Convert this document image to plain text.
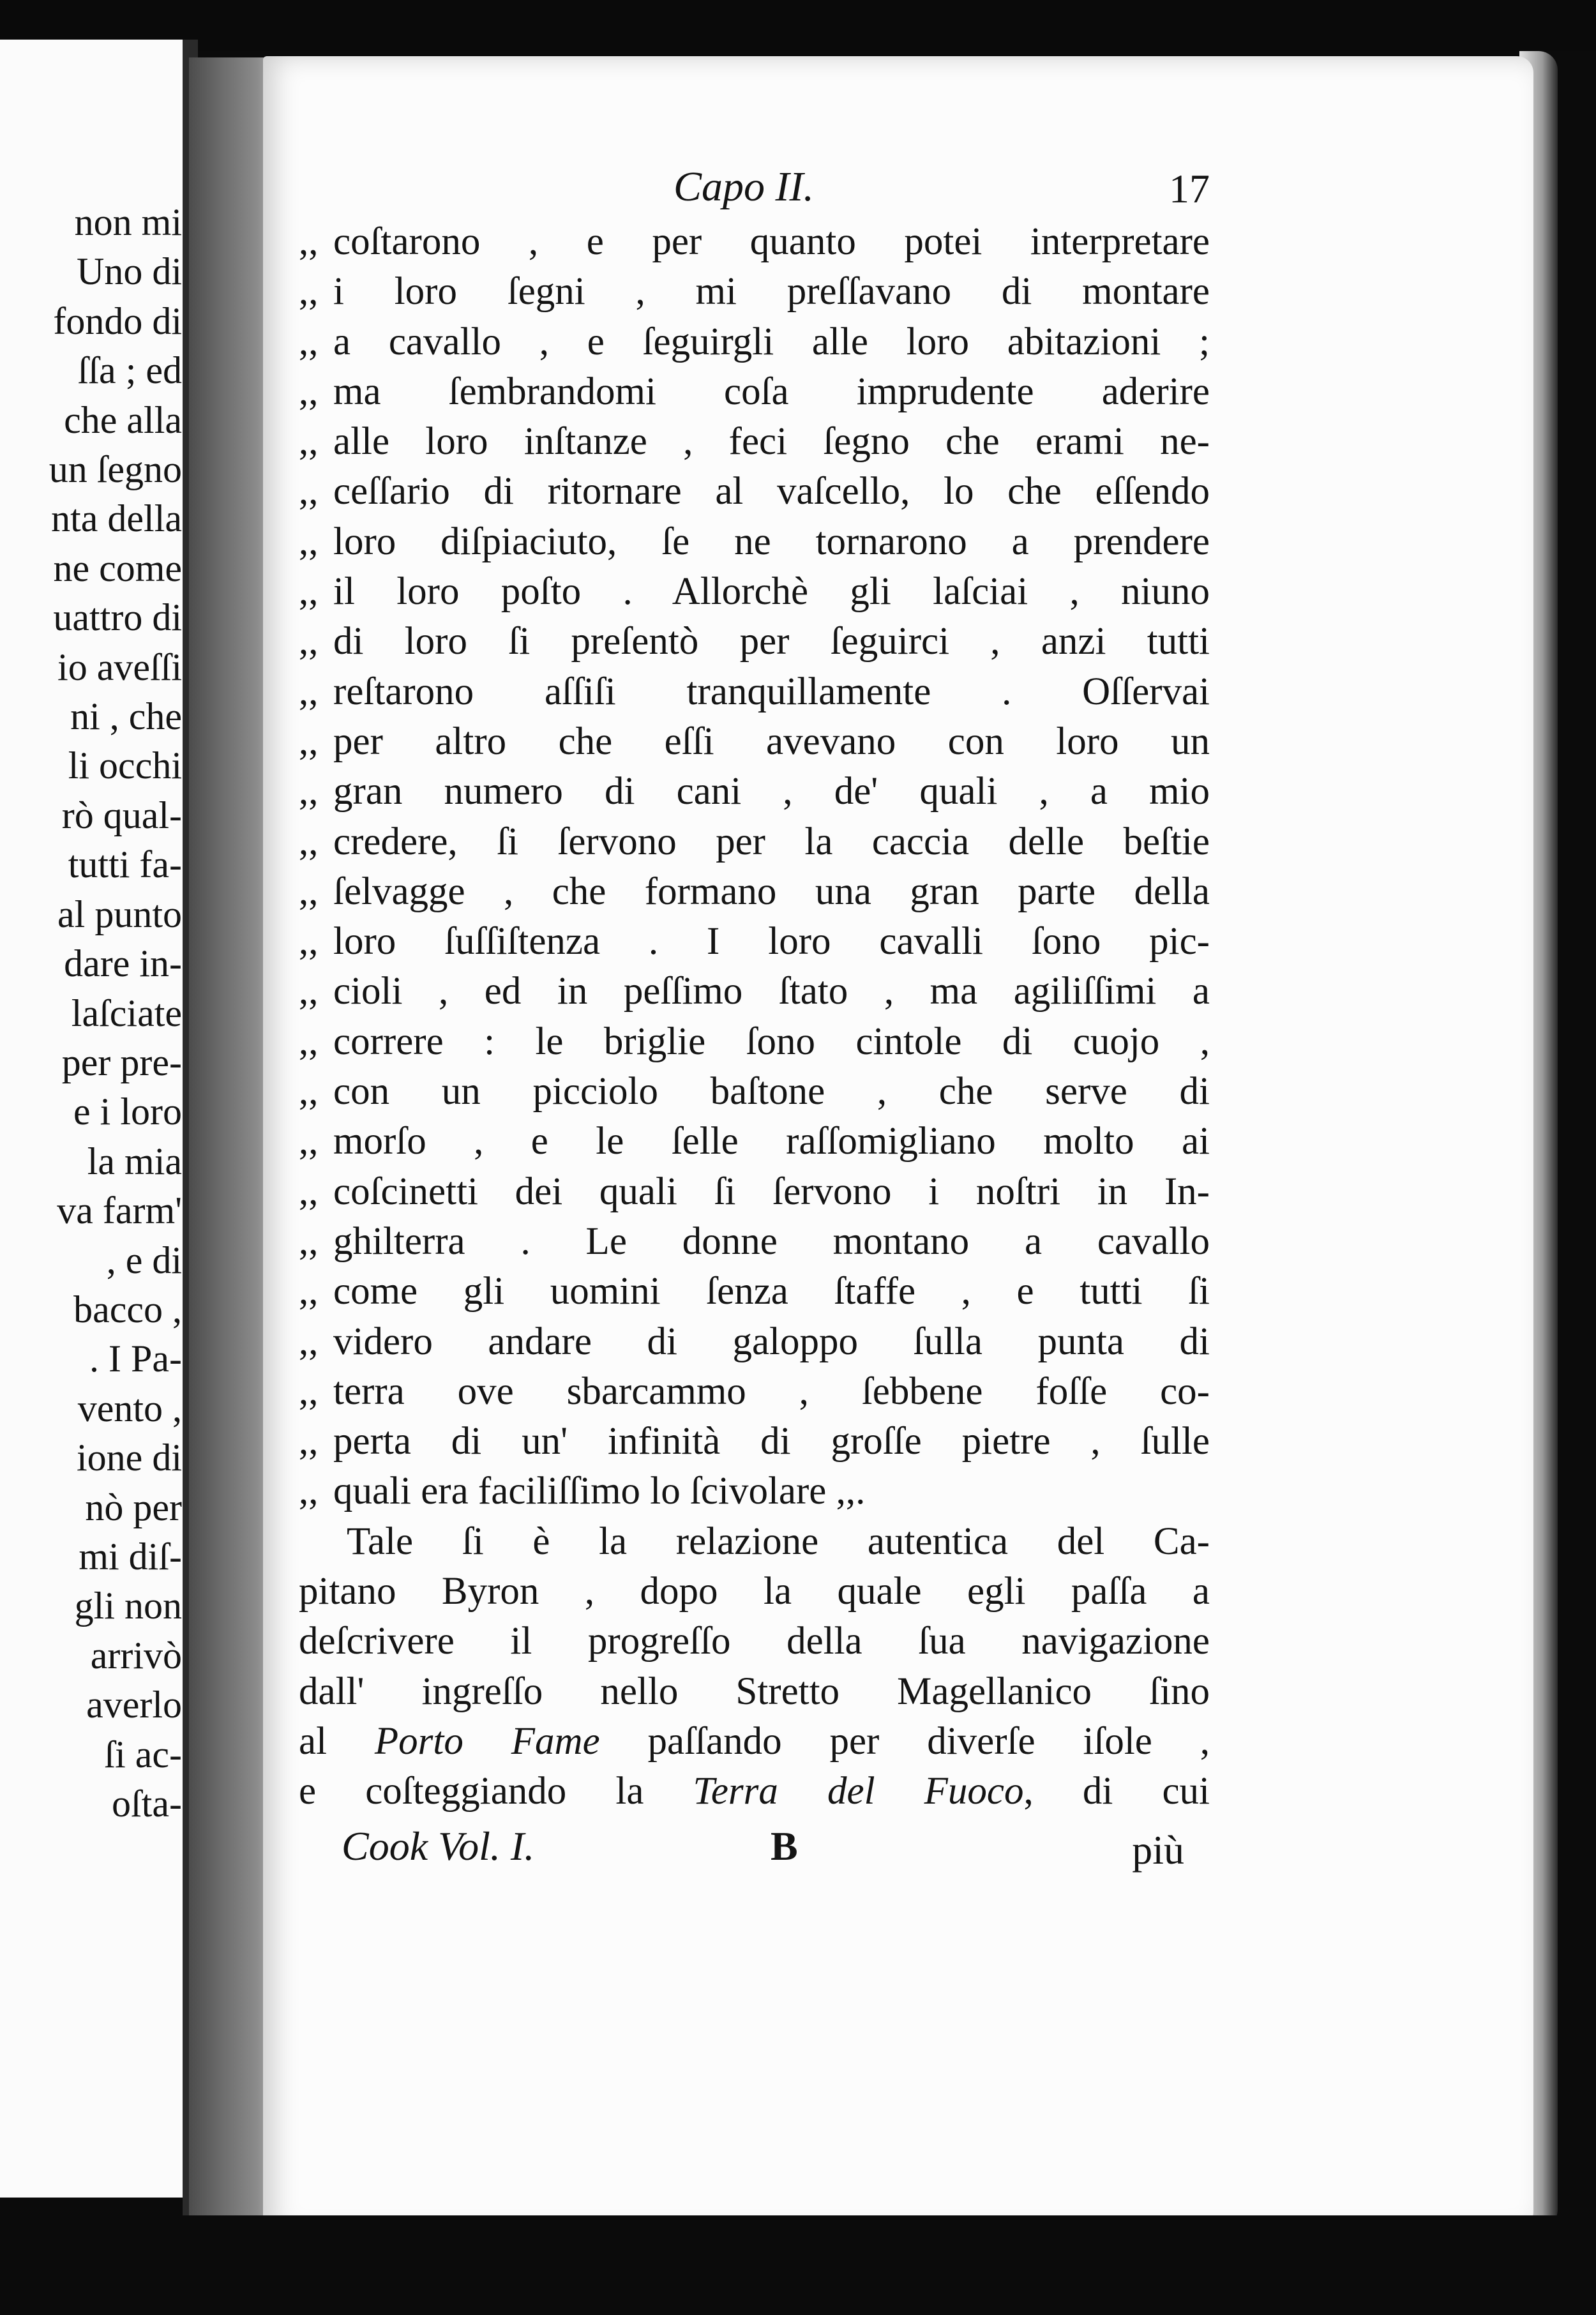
non mi
Uno di
fondo di
ſſa ; ed
che alla
un ſegno
nta della
ne come
uattro di
io aveſſi
ni , che
li occhi
rò qual-
tutti fa-
al punto
dare in-
laſciate
per pre-
e i loro
la mia
va farm'
, e di
bacco ,
. I Pa-
vento ,
ione di
nò per
mi diſ-
gli non
arrivò
averlo
ſi ac-
oſta-
Capo II.	17
,, coſtarono , e per quanto potei interpretare
,, i loro ſegni , mi preſſavano di montare
,, a cavallo , e ſeguirgli alle loro abitazioni ;
,, ma ſembrandomi coſa imprudente aderire
,, alle loro inſtanze , feci ſegno che erami ne-
,, ceſſario di ritornare al vaſcello, lo che eſſendo
,, loro diſpiaciuto, ſe ne tornarono a prendere
,, il loro poſto . Allorchè gli laſciai , niuno
,, di loro ſi preſentò per ſeguirci , anzi tutti
,, reſtarono aſſiſi tranquillamente . Oſſervai
,, per altro che eſſi avevano con loro un
,, gran numero di cani , de' quali , a mio
,, credere, ſi ſervono per la caccia delle beſtie
,, ſelvagge , che formano una gran parte della
,, loro ſuſſiſtenza . I loro cavalli ſono pic-
,, cioli , ed in peſſimo ſtato , ma agiliſſimi a
,, correre : le briglie ſono cintole di cuojo ,
,, con un picciolo baſtone , che serve di
,, morſo , e le ſelle raſſomigliano molto ai
,, coſcinetti dei quali ſi ſervono i noſtri in In-
,, ghilterra . Le donne montano a cavallo
,, come gli uomini ſenza ſtaffe , e tutti ſi
,, videro andare di galoppo ſulla punta di
,, terra ove sbarcammo , ſebbene foſſe co-
,, perta di un' infinità di groſſe pietre , ſulle
,, quali era faciliſſimo lo ſcivolare ,,.
Tale ſi è la relazione autentica del Ca-
pitano Byron , dopo la quale egli paſſa a
deſcrivere il progreſſo della ſua navigazione
dall' ingreſſo nello Stretto Magellanico ſino
al Porto Fame paſſando per diverſe iſole ,
e coſteggiando la Terra del Fuoco, di cui
Cook Vol. I.	B	più
